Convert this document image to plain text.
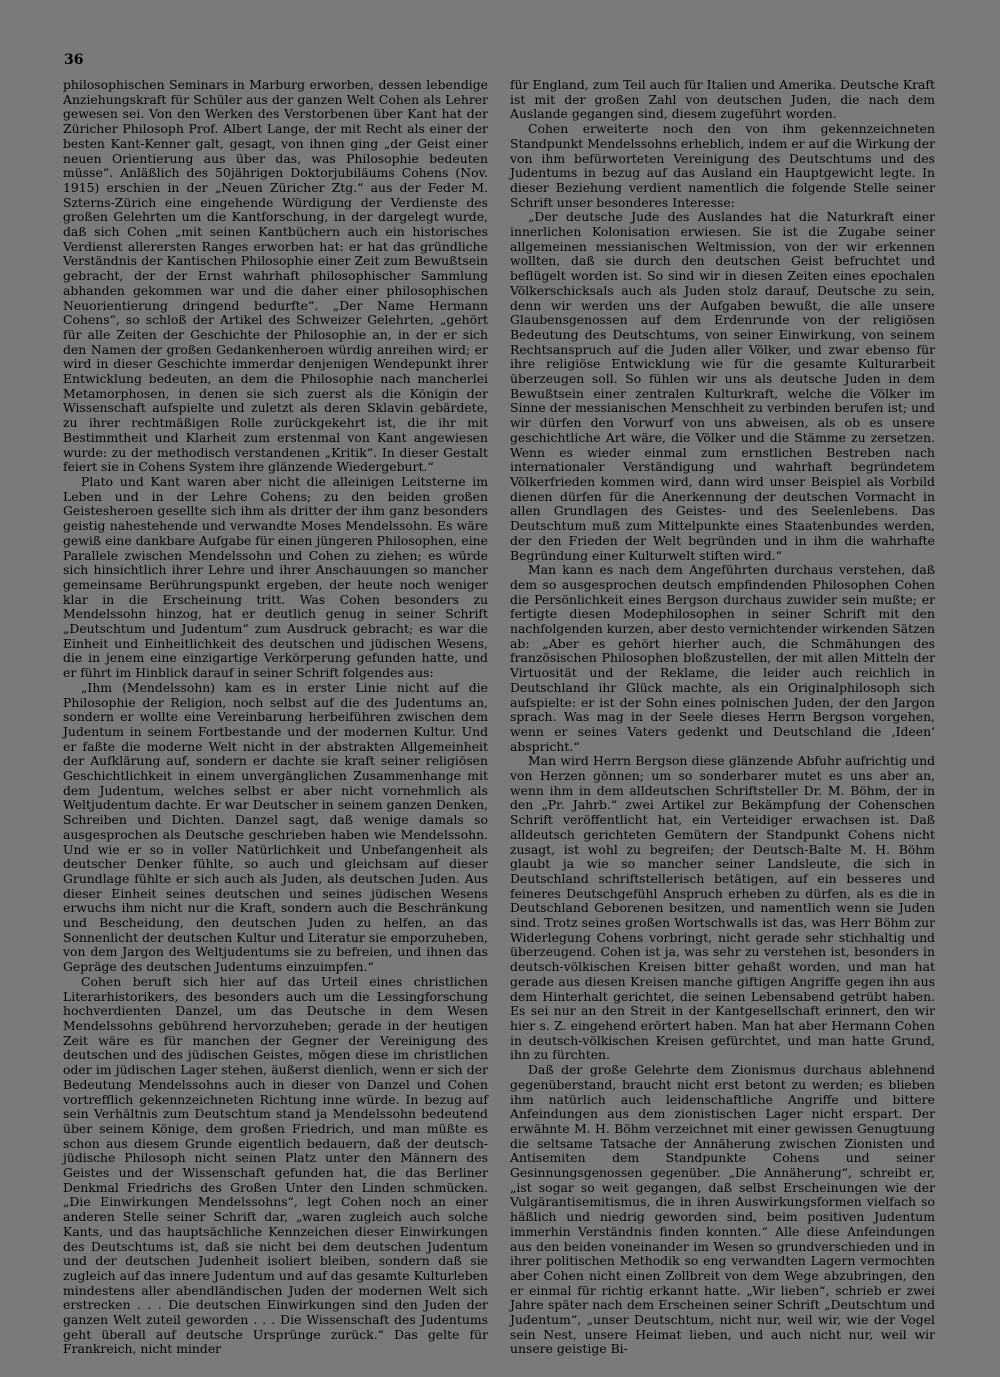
36

philosophischen Seminars in Marburg erworben, dessen lebendige Anziehungskraft für Schüler aus der ganzen Welt Cohen als Lehrer gewesen sei. Von den Werken des Verstorbenen über Kant hat der Züricher Philosoph Prof. Albert Lange, der mit Recht als einer der besten Kant-Kenner galt, gesagt, von ihnen ging „der Geist einer neuen Orientierung aus über das, was Philosophie bedeuten müsse“. Anläßlich des 50jährigen Doktorjubiläums Cohens (Nov. 1915) erschien in der „Neuen Züricher Ztg.“ aus der Feder M. Szterns-Zürich eine eingehende Würdigung der Verdienste des großen Gelehrten um die Kantforschung, in der dargelegt wurde, daß sich Cohen „mit seinen Kantbüchern auch ein historisches Verdienst allerersten Ranges erworben hat: er hat das gründliche Verständnis der Kantischen Philosophie einer Zeit zum Bewußtsein gebracht, der der Ernst wahrhaft philosophischer Sammlung abhanden gekommen war und die daher einer philosophischen Neuorientierung dringend bedurfte“. „Der Name Hermann Cohens“, so schloß der Artikel des Schweizer Gelehrten, „gehört für alle Zeiten der Geschichte der Philosophie an, in der er sich den Namen der großen Gedankenheroen würdig anreihen wird; er wird in dieser Geschichte immerdar denjenigen Wendepunkt ihrer Entwicklung bedeuten, an dem die Philosophie nach mancherlei Metamorphosen, in denen sie sich zuerst als die Königin der Wissenschaft aufspielte und zuletzt als deren Sklavin gebärdete, zu ihrer rechtmäßigen Rolle zurückgekehrt ist, die ihr mit Bestimmtheit und Klarheit zum erstenmal von Kant angewiesen wurde: zu der methodisch verstandenen „Kritik“. In dieser Gestalt feiert sie in Cohens System ihre glänzende Wiedergeburt.“

Plato und Kant waren aber nicht die alleinigen Leitsterne im Leben und in der Lehre Cohens; zu den beiden großen Geistesheroen gesellte sich ihm als dritter der ihm ganz besonders geistig nahestehende und verwandte Moses Mendelssohn. Es wäre gewiß eine dankbare Aufgabe für einen jüngeren Philosophen, eine Parallele zwischen Mendelssohn und Cohen zu ziehen; es würde sich hinsichtlich ihrer Lehre und ihrer Anschauungen so mancher gemeinsame Berührungspunkt ergeben, der heute noch weniger klar in die Erscheinung tritt. Was Cohen besonders zu Mendelssohn hinzog, hat er deutlich genug in seiner Schrift „Deutschtum und Judentum“ zum Ausdruck gebracht; es war die Einheit und Einheitlichkeit des deutschen und jüdischen Wesens, die in jenem eine einzigartige Verkörperung gefunden hatte, und er führt im Hinblick darauf in seiner Schrift folgendes aus:

„Ihm (Mendelssohn) kam es in erster Linie nicht auf die Philosophie der Religion, noch selbst auf die des Judentums an, sondern er wollte eine Vereinbarung herbeiführen zwischen dem Judentum in seinem Fortbestande und der modernen Kultur. Und er faßte die moderne Welt nicht in der abstrakten Allgemeinheit der Aufklärung auf, sondern er dachte sie kraft seiner religiösen Geschichtlichkeit in einem unvergänglichen Zusammenhange mit dem Judentum, welches selbst er aber nicht vornehmlich als Weltjudentum dachte. Er war Deutscher in seinem ganzen Denken, Schreiben und Dichten. Danzel sagt, daß wenige damals so ausgesprochen als Deutsche geschrieben haben wie Mendelssohn. Und wie er so in voller Natürlichkeit und Unbefangenheit als deutscher Denker fühlte, so auch und gleichsam auf dieser Grundlage fühlte er sich auch als Juden, als deutschen Juden. Aus dieser Einheit seines deutschen und seines jüdischen Wesens erwuchs ihm nicht nur die Kraft, sondern auch die Beschränkung und Bescheidung, den deutschen Juden zu helfen, an das Sonnenlicht der deutschen Kultur und Literatur sie emporzuheben, von dem Jargon des Weltjudentums sie zu befreien, und ihnen das Gepräge des deutschen Judentums einzuimpfen.“

Cohen beruft sich hier auf das Urteil eines christlichen Literarhistorikers, des besonders auch um die Lessingforschung hochverdienten Danzel, um das Deutsche in dem Wesen Mendelssohns gebührend hervorzuheben; gerade in der heutigen Zeit wäre es für manchen der Gegner der Vereinigung des deutschen und des jüdischen Geistes, mögen diese im christlichen oder im jüdischen Lager stehen, äußerst dienlich, wenn er sich der Bedeutung Mendelssohns auch in dieser von Danzel und Cohen vortrefflich gekennzeichneten Richtung inne würde. In bezug auf sein Verhältnis zum Deutschtum stand ja Mendelssohn bedeutend über seinem Könige, dem großen Friedrich, und man müßte es schon aus diesem Grunde eigentlich bedauern, daß der deutsch-jüdische Philosoph nicht seinen Platz unter den Männern des Geistes und der Wissenschaft gefunden hat, die das Berliner Denkmal Friedrichs des Großen Unter den Linden schmücken. „Die Einwirkungen Mendelssohns“, legt Cohen noch an einer anderen Stelle seiner Schrift dar, „waren zugleich auch solche Kants, und das hauptsächliche Kennzeichen dieser Einwirkungen des Deutschtums ist, daß sie nicht bei dem deutschen Judentum und der deutschen Judenheit isoliert bleiben, sondern daß sie zugleich auf das innere Judentum und auf das gesamte Kulturleben mindestens aller abendländischen Juden der modernen Welt sich erstrecken . . . Die deutschen Einwirkungen sind den Juden der ganzen Welt zuteil geworden . . . Die Wissenschaft des Judentums geht überall auf deutsche Ursprünge zurück.“ Das gelte für Frankreich, nicht minder

für England, zum Teil auch für Italien und Amerika. Deutsche Kraft ist mit der großen Zahl von deutschen Juden, die nach dem Auslande gegangen sind, diesem zugeführt worden.

Cohen erweiterte noch den von ihm gekennzeichneten Standpunkt Mendelssohns erheblich, indem er auf die Wirkung der von ihm befürworteten Vereinigung des Deutschtums und des Judentums in bezug auf das Ausland ein Hauptgewicht legte. In dieser Beziehung verdient namentlich die folgende Stelle seiner Schrift unser besonderes Interesse:

„Der deutsche Jude des Auslandes hat die Naturkraft einer innerlichen Kolonisation erwiesen. Sie ist die Zugabe seiner allgemeinen messianischen Weltmission, von der wir erkennen wollten, daß sie durch den deutschen Geist befruchtet und beflügelt worden ist. So sind wir in diesen Zeiten eines epochalen Völkerschicksals auch als Juden stolz darauf, Deutsche zu sein, denn wir werden uns der Aufgaben bewußt, die alle unsere Glaubensgenossen auf dem Erdenrunde von der religiösen Bedeutung des Deutschtums, von seiner Einwirkung, von seinem Rechtsanspruch auf die Juden aller Völker, und zwar ebenso für ihre religiöse Entwicklung wie für die gesamte Kulturarbeit überzeugen soll. So fühlen wir uns als deutsche Juden in dem Bewußtsein einer zentralen Kulturkraft, welche die Völker im Sinne der messianischen Menschheit zu verbinden berufen ist; und wir dürfen den Vorwurf von uns abweisen, als ob es unsere geschichtliche Art wäre, die Völker und die Stämme zu zersetzen. Wenn es wieder einmal zum ernstlichen Bestreben nach internationaler Verständigung und wahrhaft begründetem Völkerfrieden kommen wird, dann wird unser Beispiel als Vorbild dienen dürfen für die Anerkennung der deutschen Vormacht in allen Grundlagen des Geistes- und des Seelenlebens. Das Deutschtum muß zum Mittelpunkte eines Staatenbundes werden, der den Frieden der Welt begründen und in ihm die wahrhafte Begründung einer Kulturwelt stiften wird.“

Man kann es nach dem Angeführten durchaus verstehen, daß dem so ausgesprochen deutsch empfindenden Philosophen Cohen die Persönlichkeit eines Bergson durchaus zuwider sein mußte; er fertigte diesen Modephilosophen in seiner Schrift mit den nachfolgenden kurzen, aber desto vernichtender wirkenden Sätzen ab: „Aber es gehört hierher auch, die Schmähungen des französischen Philosophen bloßzustellen, der mit allen Mitteln der Virtuosität und der Reklame, die leider auch reichlich in Deutschland ihr Glück machte, als ein Originalphilosoph sich aufspielte: er ist der Sohn eines polnischen Juden, der den Jargon sprach. Was mag in der Seele dieses Herrn Bergson vorgehen, wenn er seines Vaters gedenkt und Deutschland die ‚Ideen‘ abspricht.“

Man wird Herrn Bergson diese glänzende Abfuhr aufrichtig und von Herzen gönnen; um so sonderbarer mutet es uns aber an, wenn ihm in dem alldeutschen Schriftsteller Dr. M. Böhm, der in den „Pr. Jahrb.“ zwei Artikel zur Bekämpfung der Cohenschen Schrift veröffentlicht hat, ein Verteidiger erwachsen ist. Daß alldeutsch gerichteten Gemütern der Standpunkt Cohens nicht zusagt, ist wohl zu begreifen; der Deutsch-Balte M. H. Böhm glaubt ja wie so mancher seiner Landsleute, die sich in Deutschland schriftstellerisch betätigen, auf ein besseres und feineres Deutschgefühl Anspruch erheben zu dürfen, als es die in Deutschland Geborenen besitzen, und namentlich wenn sie Juden sind. Trotz seines großen Wortschwalls ist das, was Herr Böhm zur Widerlegung Cohens vorbringt, nicht gerade sehr stichhaltig und überzeugend. Cohen ist ja, was sehr zu verstehen ist, besonders in deutsch-völkischen Kreisen bitter gehaßt worden, und man hat gerade aus diesen Kreisen manche giftigen Angriffe gegen ihn aus dem Hinterhalt gerichtet, die seinen Lebensabend getrübt haben. Es sei nur an den Streit in der Kantgesellschaft erinnert, den wir hier s. Z. eingehend erörtert haben. Man hat aber Hermann Cohen in deutsch-völkischen Kreisen gefürchtet, und man hatte Grund, ihn zu fürchten.

Daß der große Gelehrte dem Zionismus durchaus ablehnend gegenüberstand, braucht nicht erst betont zu werden; es blieben ihm natürlich auch leidenschaftliche Angriffe und bittere Anfeindungen aus dem zionistischen Lager nicht erspart. Der erwähnte M. H. Böhm verzeichnet mit einer gewissen Genugtuung die seltsame Tatsache der Annäherung zwischen Zionisten und Antisemiten dem Standpunkte Cohens und seiner Gesinnungsgenossen gegenüber. „Die Annäherung“, schreibt er, „ist sogar so weit gegangen, daß selbst Erscheinungen wie der Vulgärantisemitismus, die in ihren Auswirkungsformen vielfach so häßlich und niedrig geworden sind, beim positiven Judentum immerhin Verständnis finden konnten.“ Alle diese Anfeindungen aus den beiden voneinander im Wesen so grundverschieden und in ihrer politischen Methodik so eng verwandten Lagern vermochten aber Cohen nicht einen Zollbreit von dem Wege abzubringen, den er einmal für richtig erkannt hatte. „Wir lieben“, schrieb er zwei Jahre später nach dem Erscheinen seiner Schrift „Deutschtum und Judentum“, „unser Deutschtum, nicht nur, weil wir, wie der Vogel sein Nest, unsere Heimat lieben, und auch nicht nur, weil wir unsere geistige Bi-
